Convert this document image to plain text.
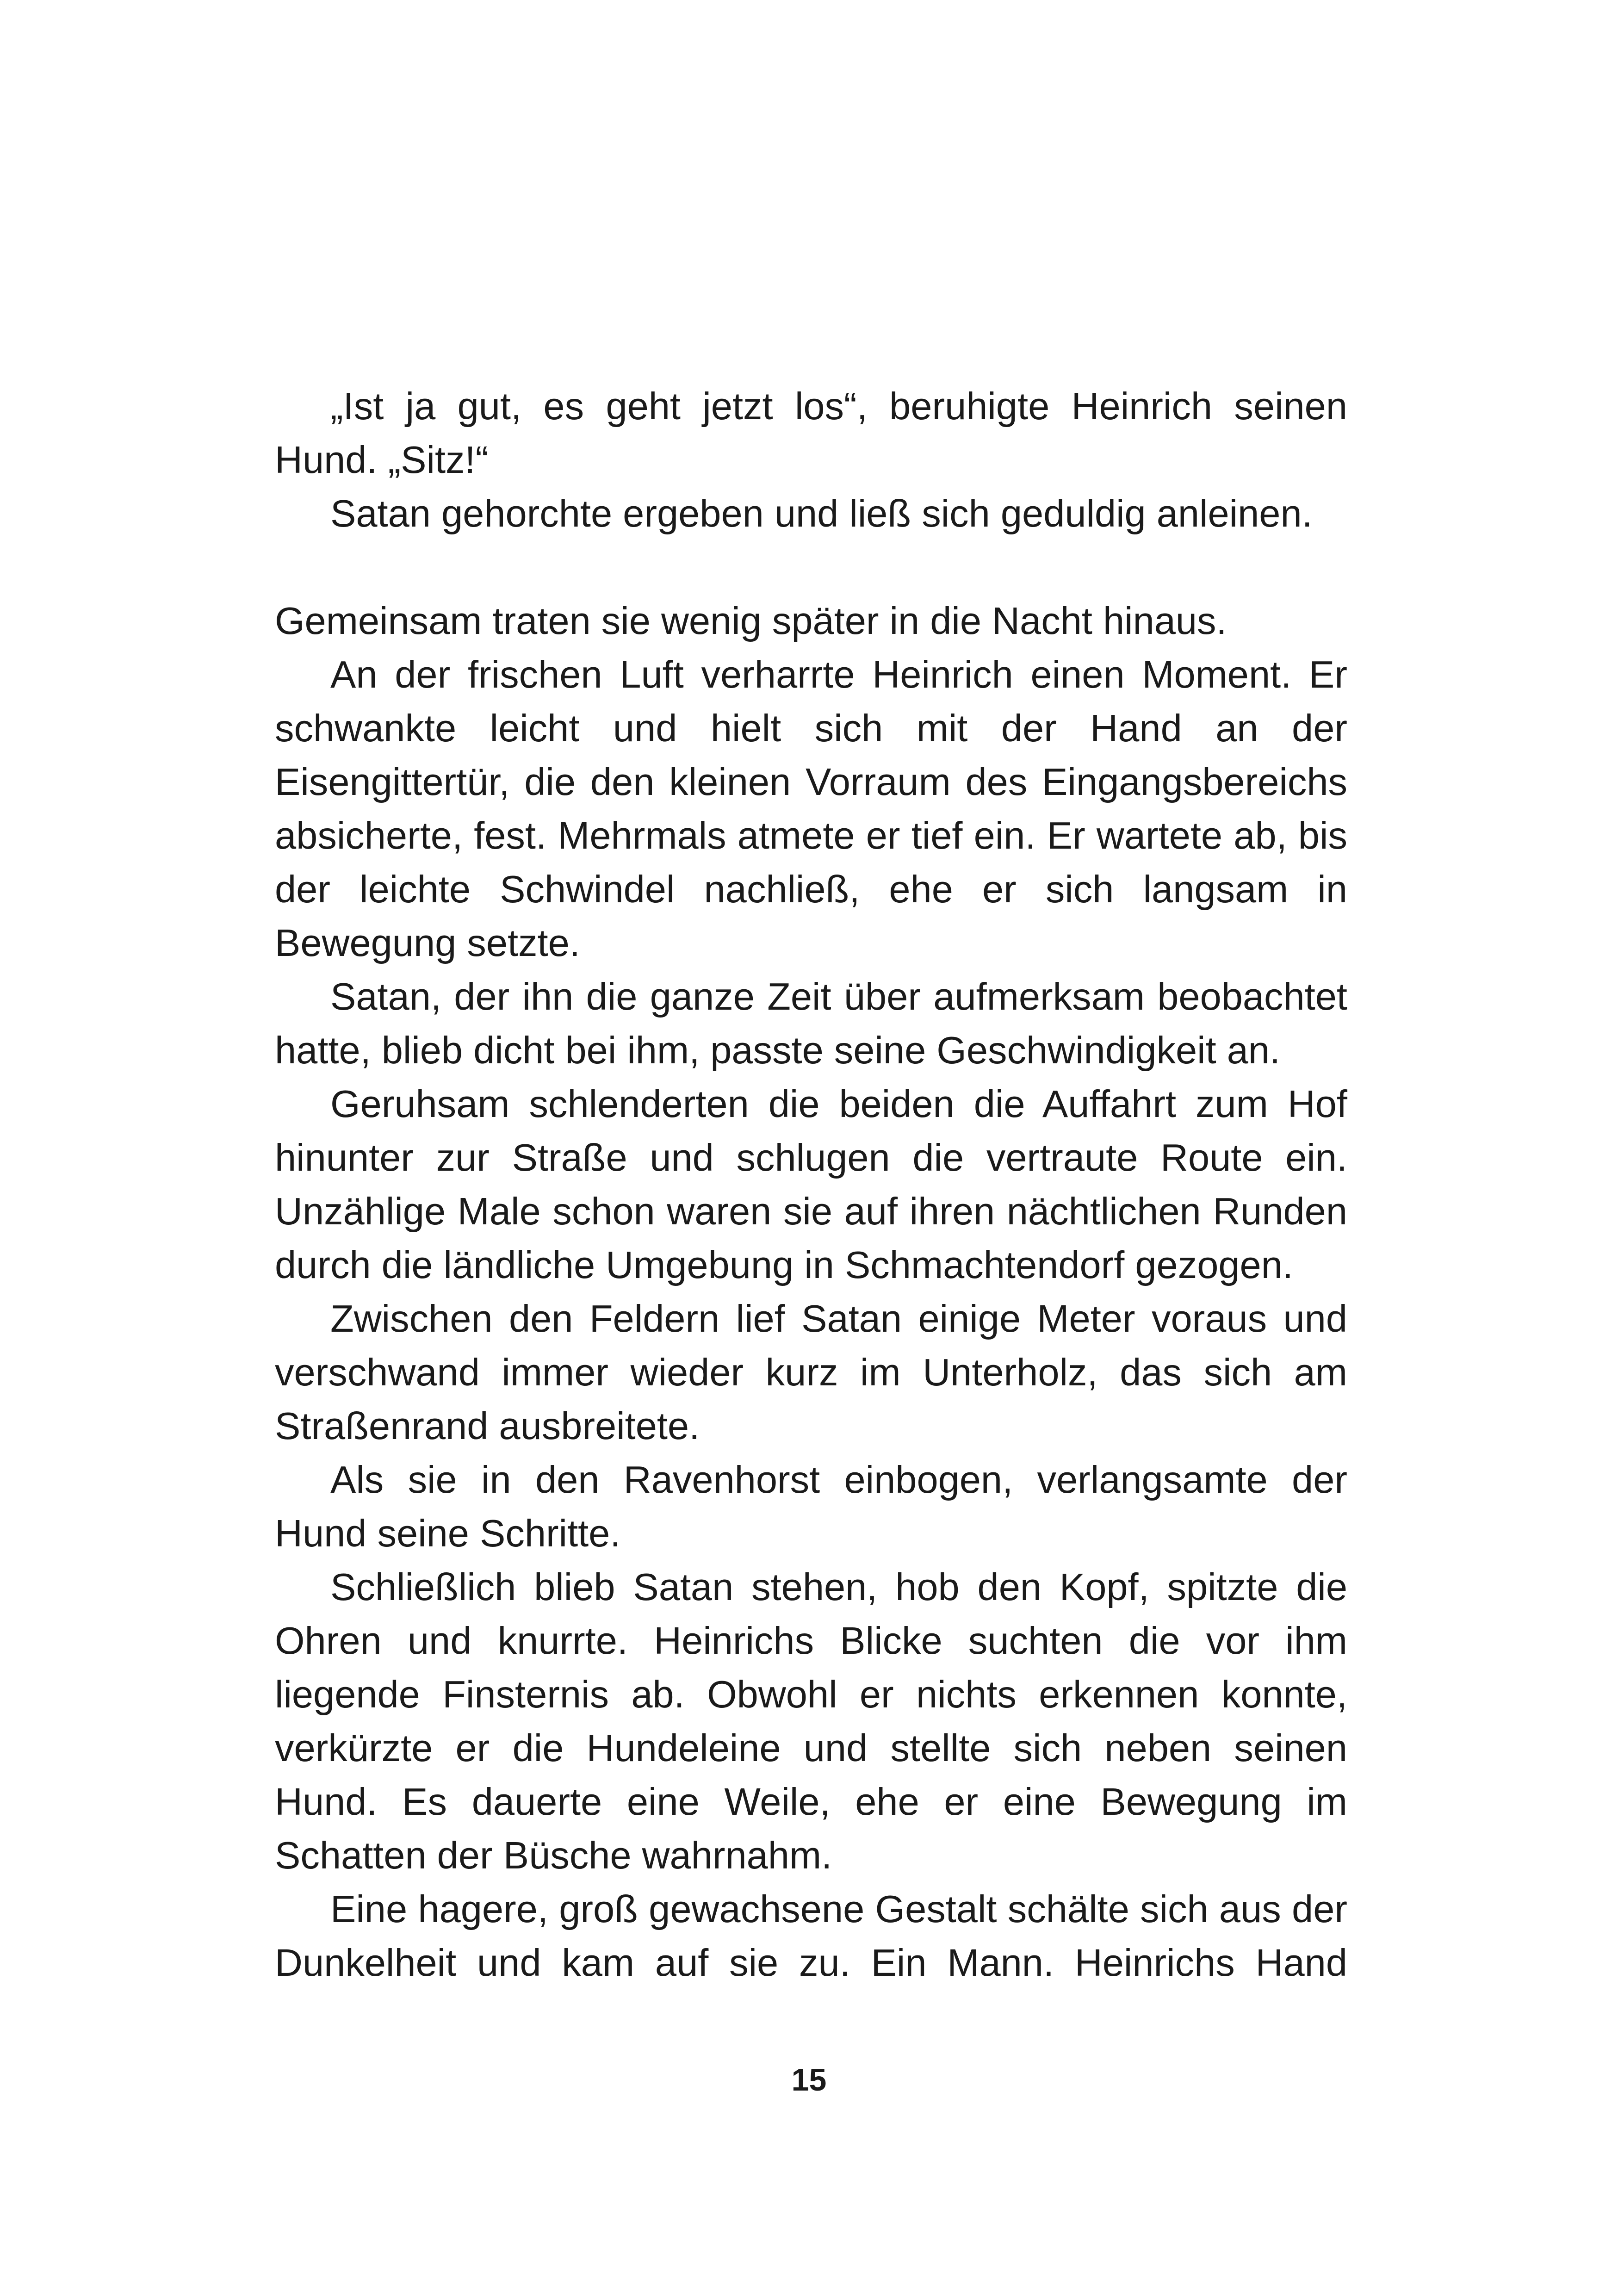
„Ist ja gut, es geht jetzt los“, beruhigte Heinrich seinen Hund. „Sitz!“

Satan gehorchte ergeben und ließ sich geduldig anleinen.

Gemeinsam traten sie wenig später in die Nacht hinaus.

An der frischen Luft verharrte Heinrich einen Moment. Er schwankte leicht und hielt sich mit der Hand an der Eisengittertür, die den kleinen Vorraum des Eingangsbereichs absicherte, fest. Mehrmals atmete er tief ein. Er wartete ab, bis der leichte Schwindel nachließ, ehe er sich langsam in Bewegung setzte.

Satan, der ihn die ganze Zeit über aufmerksam beobachtet hatte, blieb dicht bei ihm, passte seine Geschwindigkeit an.

Geruhsam schlenderten die beiden die Auffahrt zum Hof hinunter zur Straße und schlugen die vertraute Route ein. Unzählige Male schon waren sie auf ihren nächtlichen Runden durch die ländliche Umgebung in Schmachtendorf gezogen.

Zwischen den Feldern lief Satan einige Meter voraus und verschwand immer wieder kurz im Unterholz, das sich am Straßenrand ausbreitete.

Als sie in den Ravenhorst einbogen, verlangsamte der Hund seine Schritte.

Schließlich blieb Satan stehen, hob den Kopf, spitzte die Ohren und knurrte. Heinrichs Blicke suchten die vor ihm liegende Finsternis ab. Obwohl er nichts erkennen konnte, verkürzte er die Hundeleine und stellte sich neben seinen Hund. Es dauerte eine Weile, ehe er eine Bewegung im Schatten der Büsche wahrnahm.

Eine hagere, groß gewachsene Gestalt schälte sich aus der Dunkelheit und kam auf sie zu. Ein Mann. Heinrichs Hand

15
